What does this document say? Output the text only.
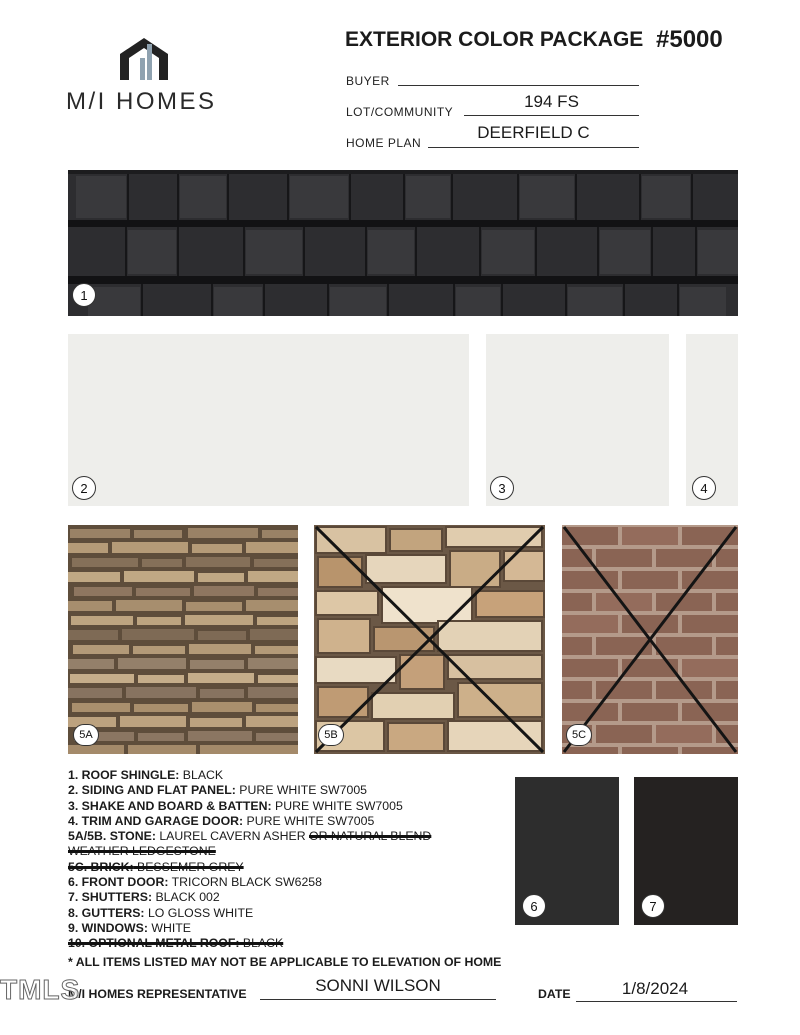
M/I HOMES
EXTERIOR COLOR PACKAGE #5000
BUYER
LOT/COMMUNITY
194 FS
HOME PLAN
DEERFIELD C
1
2	3	4
5A	5B	5C
1. ROOF SHINGLE: BLACK
2. SIDING AND FLAT PANEL: PURE WHITE SW7005
3. SHAKE AND BOARD & BATTEN: PURE WHITE SW7005
4. TRIM AND GARAGE DOOR: PURE WHITE SW7005
5A/5B. STONE: LAUREL CAVERN ASHER OR NATURAL BLEND
WEATHER LEDGESTONE
5C. BRICK: BESSEMER GREY
6. FRONT DOOR: TRICORN BLACK SW6258
7. SHUTTERS: BLACK 002
8. GUTTERS: LO GLOSS WHITE
9. WINDOWS: WHITE
10. OPTIONAL METAL ROOF: BLACK
6	7
* ALL ITEMS LISTED MAY NOT BE APPLICABLE TO ELEVATION OF HOME
M/I HOMES REPRESENTATIVE	SONNI WILSON	DATE	1/8/2024
TMLS
